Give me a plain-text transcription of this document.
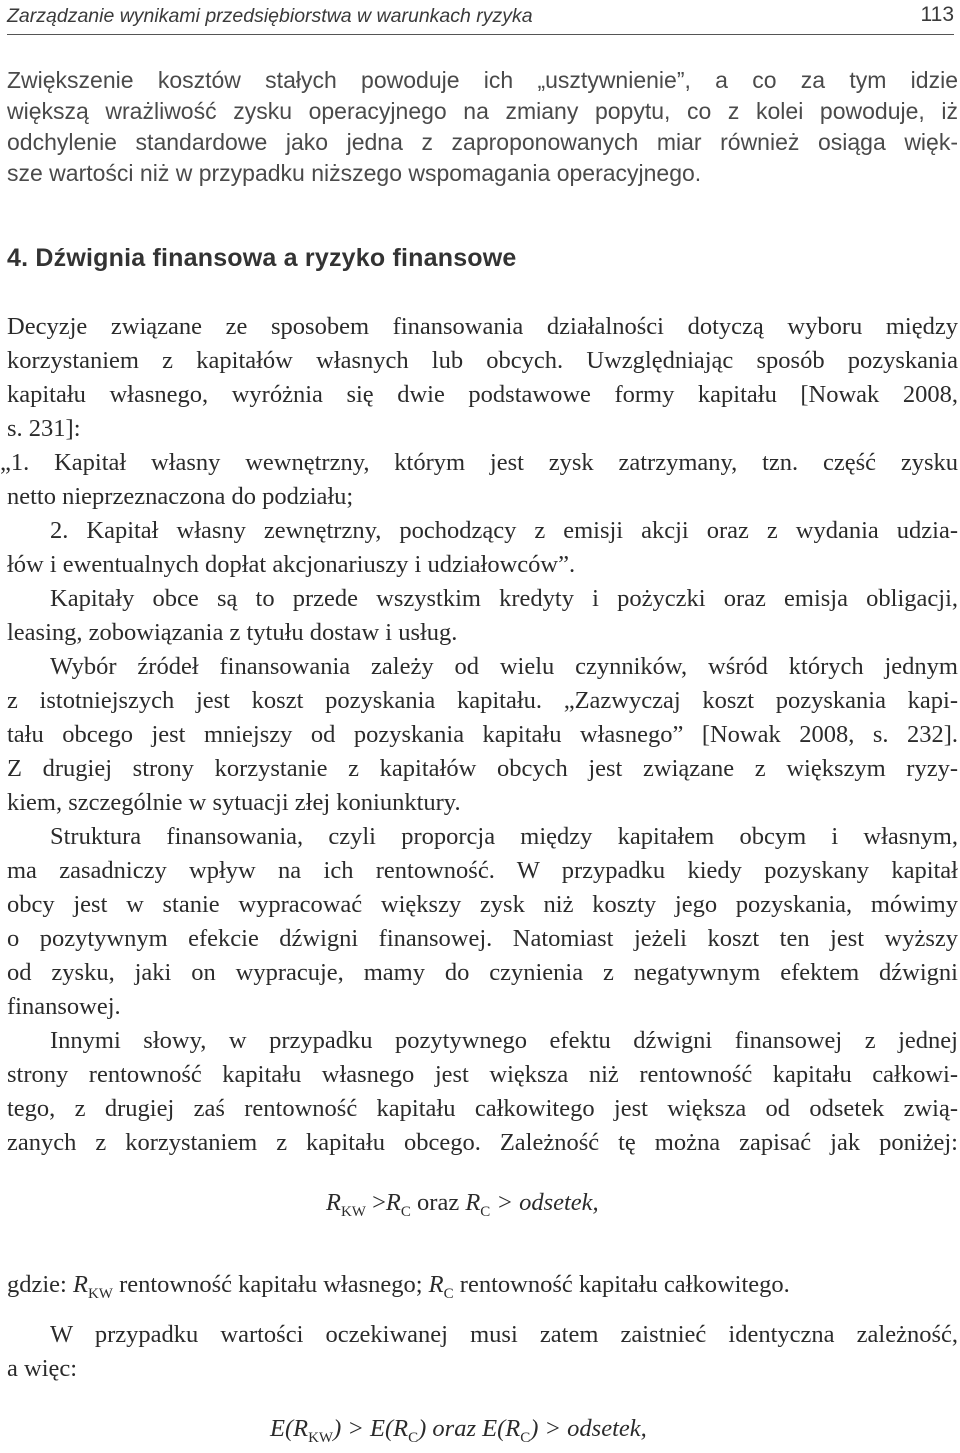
Zarządzanie wynikami przedsiębiorstwa w warunkach ryzyka	113
Zwiększenie kosztów stałych powoduje ich „usztywnienie”, a co za tym idzie
większą wrażliwość zysku operacyjnego na zmiany popytu, co z kolei powoduje, iż
odchylenie standardowe jako jedna z zaproponowanych miar również osiąga więk-
sze wartości niż w przypadku niższego wspomagania operacyjnego.
4. Dźwignia finansowa a ryzyko finansowe
Decyzje związane ze sposobem finansowania działalności dotyczą wyboru między
korzystaniem z kapitałów własnych lub obcych. Uwzględniając sposób pozyskania
kapitału własnego, wyróżnia się dwie podstawowe formy kapitału [Nowak 2008,
s. 231]:
„1. Kapitał własny wewnętrzny, którym jest zysk zatrzymany, tzn. część zysku
netto nieprzeznaczona do podziału;
2. Kapitał własny zewnętrzny, pochodzący z emisji akcji oraz z wydania udzia-
łów i ewentualnych dopłat akcjonariuszy i udziałowców”.
Kapitały obce są to przede wszystkim kredyty i pożyczki oraz emisja obligacji,
leasing, zobowiązania z tytułu dostaw i usług.
Wybór źródeł finansowania zależy od wielu czynników, wśród których jednym
z istotniejszych jest koszt pozyskania kapitału. „Zazwyczaj koszt pozyskania kapi-
tału obcego jest mniejszy od pozyskania kapitału własnego” [Nowak 2008, s. 232].
Z drugiej strony korzystanie z kapitałów obcych jest związane z większym ryzy-
kiem, szczególnie w sytuacji złej koniunktury.
Struktura finansowania, czyli proporcja między kapitałem obcym i własnym,
ma zasadniczy wpływ na ich rentowność. W przypadku kiedy pozyskany kapitał
obcy jest w stanie wypracować większy zysk niż koszty jego pozyskania, mówimy
o pozytywnym efekcie dźwigni finansowej. Natomiast jeżeli koszt ten jest wyższy
od zysku, jaki on wypracuje, mamy do czynienia z negatywnym efektem dźwigni
finansowej.
Innymi słowy, w przypadku pozytywnego efektu dźwigni finansowej z jednej
strony rentowność kapitału własnego jest większa niż rentowność kapitału całkowi-
tego, z drugiej zaś rentowność kapitału całkowitego jest większa od odsetek zwią-
zanych z korzystaniem z kapitału obcego. Zależność tę można zapisać jak poniżej:
$R_{KW} >R_C$ oraz $R_C$ > odsetek,
gdzie: $R_{KW}$ rentowność kapitału własnego; $R_C$ rentowność kapitału całkowitego.
W przypadku wartości oczekiwanej musi zatem zaistnieć identyczna zależność,
a więc:
$E(R_{KW}) > E(R_C)$ oraz $E(R_C)$ > odsetek,
